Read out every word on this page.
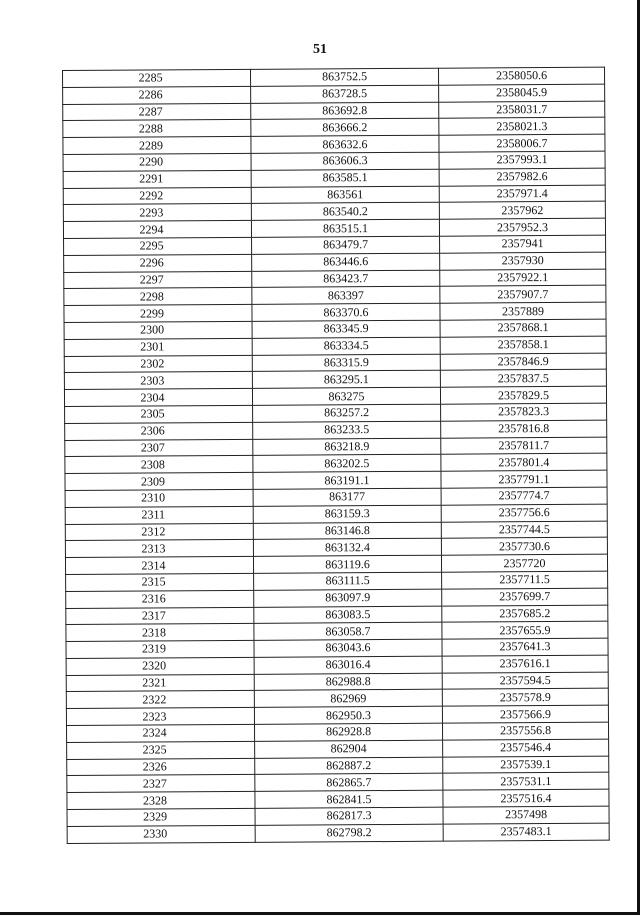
51
2285	863752.5	2358050.6
2286	863728.5	2358045.9
2287	863692.8	2358031.7
2288	863666.2	2358021.3
2289	863632.6	2358006.7
2290	863606.3	2357993.1
2291	863585.1	2357982.6
2292	863561	2357971.4
2293	863540.2	2357962
2294	863515.1	2357952.3
2295	863479.7	2357941
2296	863446.6	2357930
2297	863423.7	2357922.1
2298	863397	2357907.7
2299	863370.6	2357889
2300	863345.9	2357868.1
2301	863334.5	2357858.1
2302	863315.9	2357846.9
2303	863295.1	2357837.5
2304	863275	2357829.5
2305	863257.2	2357823.3
2306	863233.5	2357816.8
2307	863218.9	2357811.7
2308	863202.5	2357801.4
2309	863191.1	2357791.1
2310	863177	2357774.7
2311	863159.3	2357756.6
2312	863146.8	2357744.5
2313	863132.4	2357730.6
2314	863119.6	2357720
2315	863111.5	2357711.5
2316	863097.9	2357699.7
2317	863083.5	2357685.2
2318	863058.7	2357655.9
2319	863043.6	2357641.3
2320	863016.4	2357616.1
2321	862988.8	2357594.5
2322	862969	2357578.9
2323	862950.3	2357566.9
2324	862928.8	2357556.8
2325	862904	2357546.4
2326	862887.2	2357539.1
2327	862865.7	2357531.1
2328	862841.5	2357516.4
2329	862817.3	2357498
2330	862798.2	2357483.1
